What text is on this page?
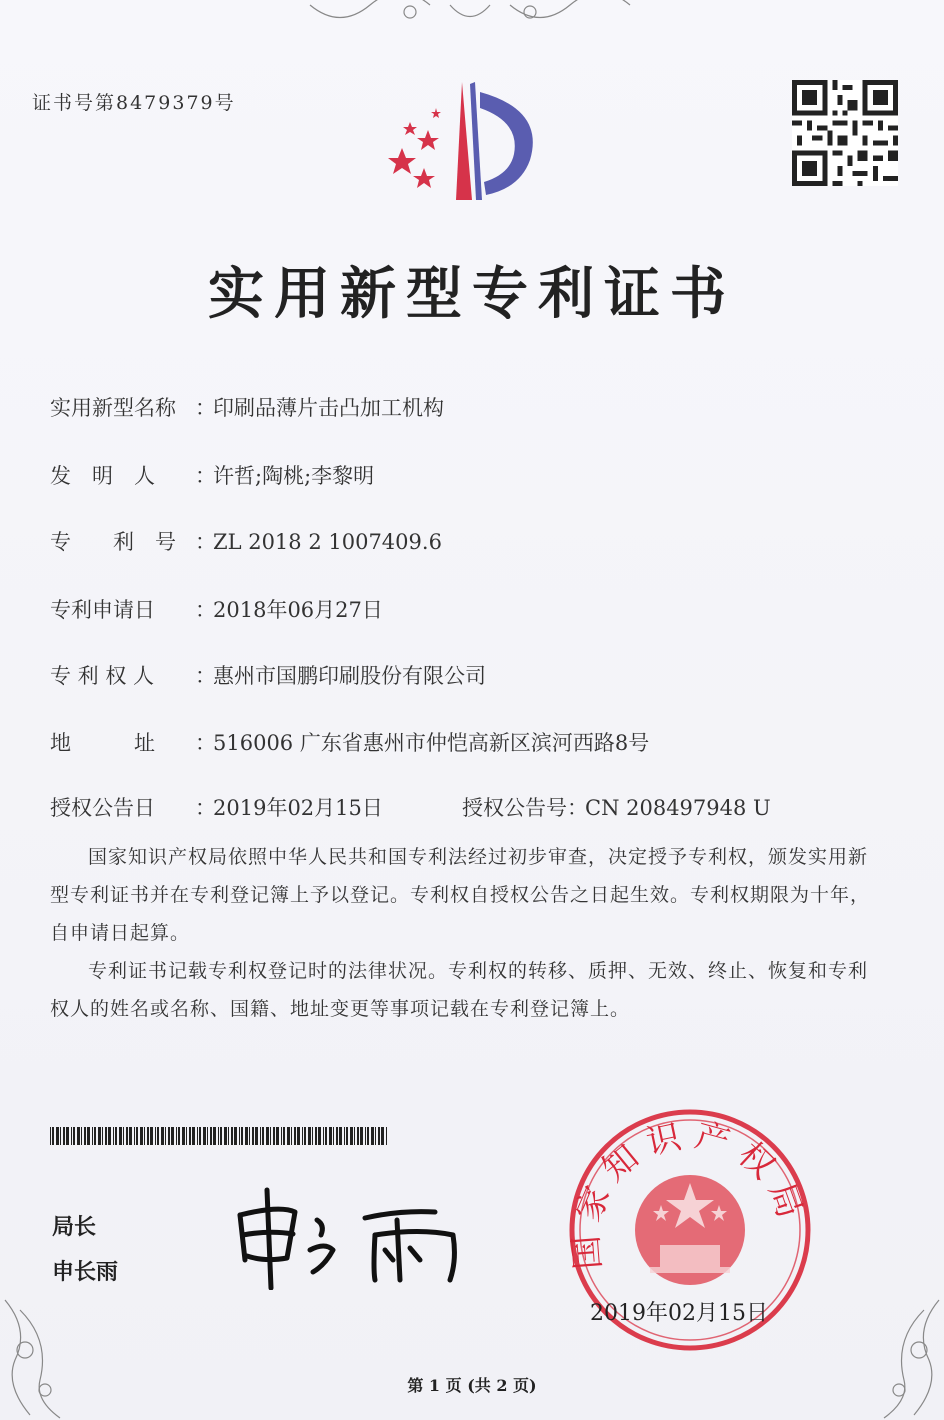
证书号第8479379号
实用新型专利证书
实用新型名称 ：印刷品薄片击凸加工机构
发　明　人 ：许哲;陶桃;李黎明
专　　利　号 ：ZL 2018 2 1007409.6
专利申请日 ：2018年06月27日
专 利 权 人 ：惠州市国鹏印刷股份有限公司
地　　　址 ：516006 广东省惠州市仲恺高新区滨河西路8号
授权公告日 ：2019年02月15日	授权公告号：CN 208497948 U

国家知识产权局依照中华人民共和国专利法经过初步审查，决定授予专利权，颁发实用新型专利证书并在专利登记簿上予以登记。专利权自授权公告之日起生效。专利权期限为十年，自申请日起算。

专利证书记载专利权登记时的法律状况。专利权的转移、质押、无效、终止、恢复和专利权人的姓名或名称、国籍、地址变更等事项记载在专利登记簿上。

局长
申长雨
国家知识产权局
2019年02月15日
第 1 页 (共 2 页)
